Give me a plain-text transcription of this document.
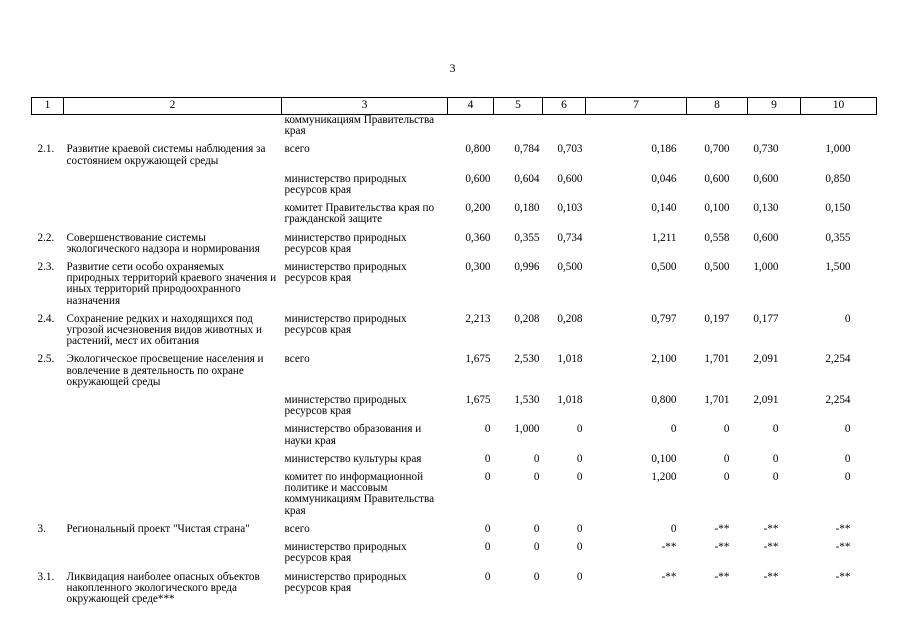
3
1	2	3	4	5	6	7	8	9	10
		коммуникациям Правительства края							
2.1.	Развитие краевой системы наблюдения за состоянием окружающей среды	всего	0,800	0,784	0,703	0,186	0,700	0,730	1,000
		министерство природных ресурсов края	0,600	0,604	0,600	0,046	0,600	0,600	0,850
		комитет Правительства края по гражданской защите	0,200	0,180	0,103	0,140	0,100	0,130	0,150
2.2.	Совершенствование системы экологического надзора и нормирования	министерство природных ресурсов края	0,360	0,355	0,734	1,211	0,558	0,600	0,355
2.3.	Развитие сети особо охраняемых природных территорий краевого значения и иных территорий природоохранного назначения	министерство природных ресурсов края	0,300	0,996	0,500	0,500	0,500	1,000	1,500
2.4.	Сохранение редких и находящихся под угрозой исчезновения видов животных и растений, мест их обитания	министерство природных ресурсов края	2,213	0,208	0,208	0,797	0,197	0,177	0
2.5.	Экологическое просвещение населения и вовлечение в деятельность по охране окружающей среды	всего	1,675	2,530	1,018	2,100	1,701	2,091	2,254
		министерство природных ресурсов края	1,675	1,530	1,018	0,800	1,701	2,091	2,254
		министерство образования и науки края	0	1,000	0	0	0	0	0
		министерство культуры края	0	0	0	0,100	0	0	0
		комитет по информационной политике и массовым коммуникациям Правительства края	0	0	0	1,200	0	0	0
3.	Региональный проект "Чистая страна"	всего	0	0	0	0	-**	-**	-**
		министерство природных ресурсов края	0	0	0	-**	-**	-**	-**
3.1.	Ликвидация наиболее опасных объектов накопленного экологического вреда окружающей среде***	министерство природных ресурсов края	0	0	0	-**	-**	-**	-**
